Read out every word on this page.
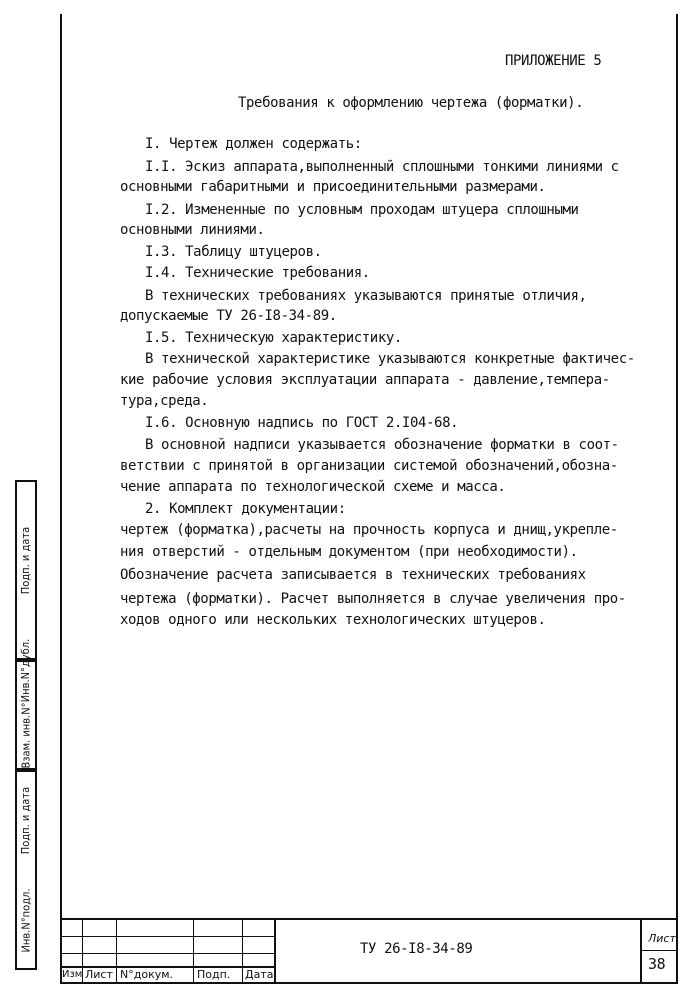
ПРИЛОЖЕНИЕ 5
Требования к оформлению чертежа (форматки).
I. Чертеж должен содержать:
I.I. Эскиз аппарата,выполненный сплошными тонкими линиями с
основными габаритными и присоединительными размерами.
I.2. Измененные по условным проходам штуцера сплошными
основными линиями.
I.3. Таблицу штуцеров.
I.4. Технические требования.
В технических требованиях указываются принятые отличия,
допускаемые ТУ 26-I8-34-89.
I.5. Техническую характеристику.
В технической характеристике указываются конкретные фактичес-
кие рабочие условия эксплуатации аппарата - давление,темпера-
тура,среда.
I.6. Основную надпись по ГОСТ 2.I04-68.
В основной надписи указывается обозначение форматки в соот-
ветствии с принятой в организации системой обозначений,обозна-
чение аппарата по технологической схеме и масса.
2. Комплект документации:
чертеж (форматка),расчеты на прочность корпуса и днищ,укрепле-
ния отверстий - отдельным документом (при необходимости).
Обозначение расчета записывается в технических требованиях
чертежа (форматки). Расчет выполняется в случае увеличения про-
ходов одного или нескольких технологических штуцеров.
Инв.N°подл.
Подп. и дата
Взам. инв.N°
Инв.N°дубл.
Подп. и дата
Изм Лист N°докум. Подп. Дата
ТУ 26-I8-34-89
Лист
38
